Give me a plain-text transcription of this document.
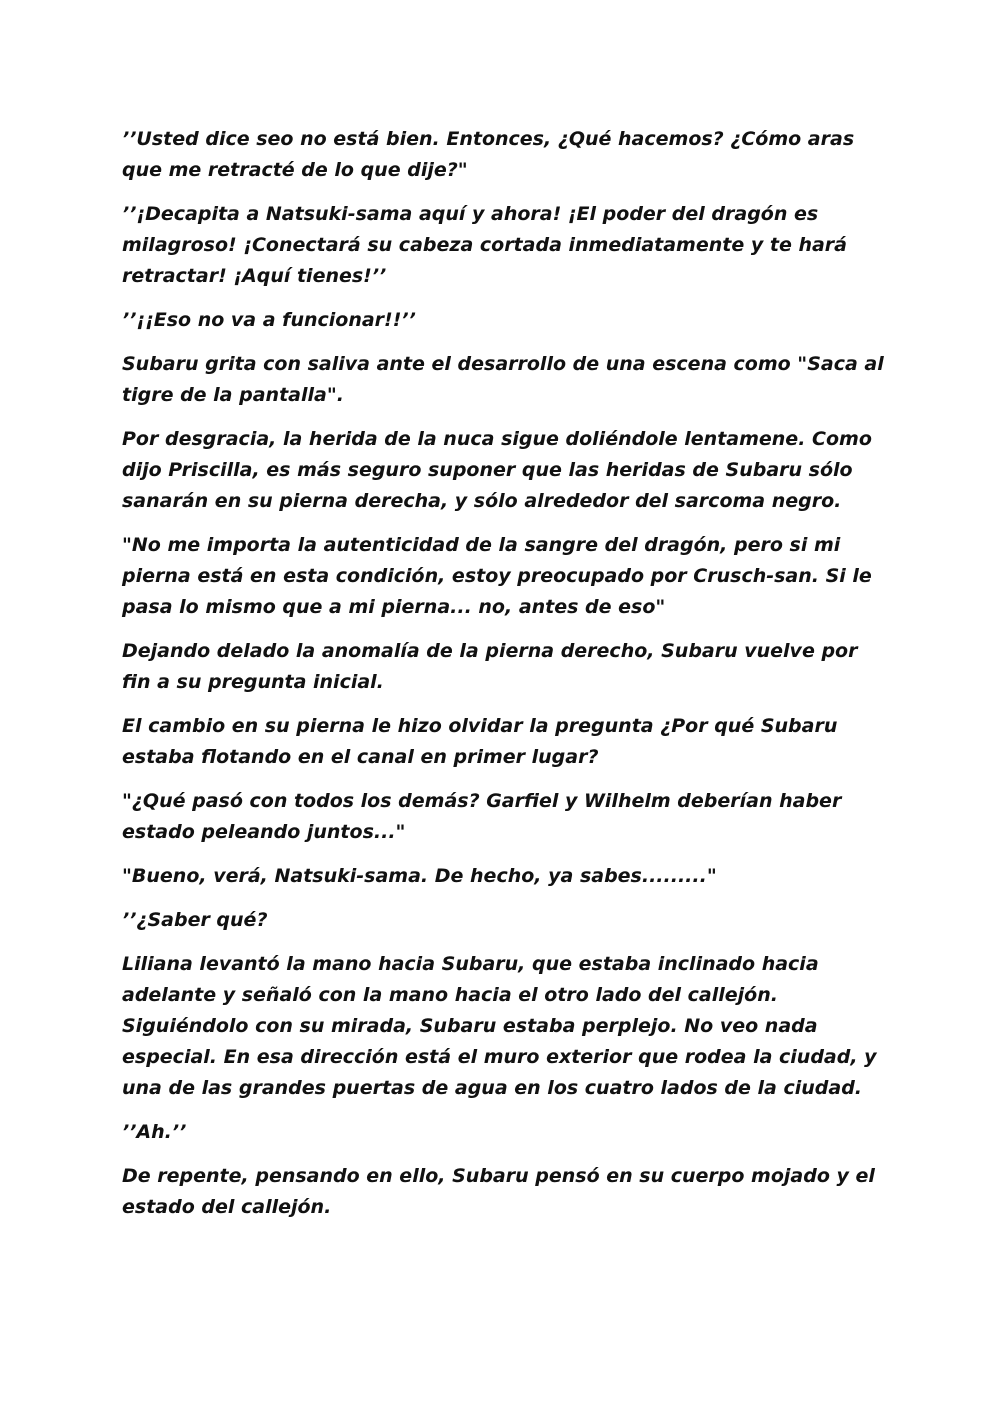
’’Usted dice seo no está bien. Entonces, ¿Qué hacemos? ¿Cómo aras que me retracté de lo que dije?"

’’¡Decapita a Natsuki-sama aquí y ahora! ¡El poder del dragón es milagroso! ¡Conectará su cabeza cortada inmediatamente y te hará retractar! ¡Aquí tienes!’’

’’¡¡Eso no va a funcionar!!’’

Subaru grita con saliva ante el desarrollo de una escena como "Saca al tigre de la pantalla".

Por desgracia, la herida de la nuca sigue doliéndole lentamene. Como dijo Priscilla, es más seguro suponer que las heridas de Subaru sólo sanarán en su pierna derecha, y sólo alrededor del sarcoma negro.

"No me importa la autenticidad de la sangre del dragón, pero si mi pierna está en esta condición, estoy preocupado por Crusch-san. Si le pasa lo mismo que a mi pierna... no, antes de eso"

Dejando delado la anomalía de la pierna derecho, Subaru vuelve por fin a su pregunta inicial.

El cambio en su pierna le hizo olvidar la pregunta ¿Por qué Subaru estaba flotando en el canal en primer lugar?

"¿Qué pasó con todos los demás? Garfiel y Wilhelm deberían haber estado peleando juntos..."

"Bueno, verá, Natsuki-sama. De hecho, ya sabes........."

’’¿Saber qué?

Liliana levantó la mano hacia Subaru, que estaba inclinado hacia adelante y señaló con la mano hacia el otro lado del callejón. Siguiéndolo con su mirada, Subaru estaba perplejo. No veo nada especial. En esa dirección está el muro exterior que rodea la ciudad, y una de las grandes puertas de agua en los cuatro lados de la ciudad.

’’Ah.’’

De repente, pensando en ello, Subaru pensó en su cuerpo mojado y el estado del callejón.
